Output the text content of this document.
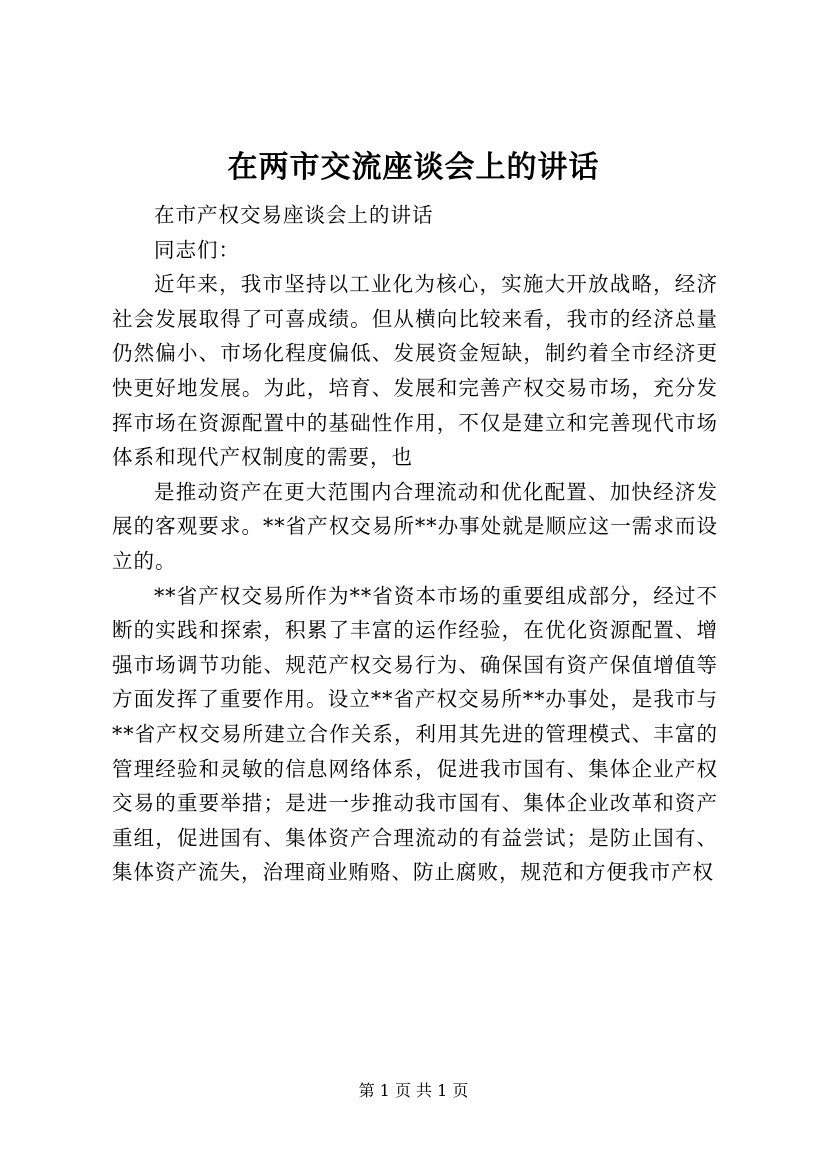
在两市交流座谈会上的讲话

在市产权交易座谈会上的讲话

同志们：

近年来，我市坚持以工业化为核心，实施大开放战略，经济社会发展取得了可喜成绩。但从横向比较来看，我市的经济总量仍然偏小、市场化程度偏低、发展资金短缺，制约着全市经济更快更好地发展。为此，培育、发展和完善产权交易市场，充分发挥市场在资源配置中的基础性作用，不仅是建立和完善现代市场体系和现代产权制度的需要，也

是推动资产在更大范围内合理流动和优化配置、加快经济发展的客观要求。**省产权交易所**办事处就是顺应这一需求而设立的。

**省产权交易所作为**省资本市场的重要组成部分，经过不断的实践和探索，积累了丰富的运作经验，在优化资源配置、增强市场调节功能、规范产权交易行为、确保国有资产保值增值等方面发挥了重要作用。设立**省产权交易所**办事处，是我市与**省产权交易所建立合作关系，利用其先进的管理模式、丰富的管理经验和灵敏的信息网络体系，促进我市国有、集体企业产权交易的重要举措；是进一步推动我市国有、集体企业改革和资产重组，促进国有、集体资产合理流动的有益尝试；是防止国有、集体资产流失，治理商业贿赂、防止腐败，规范和方便我市产权

第 1 页 共 1 页
